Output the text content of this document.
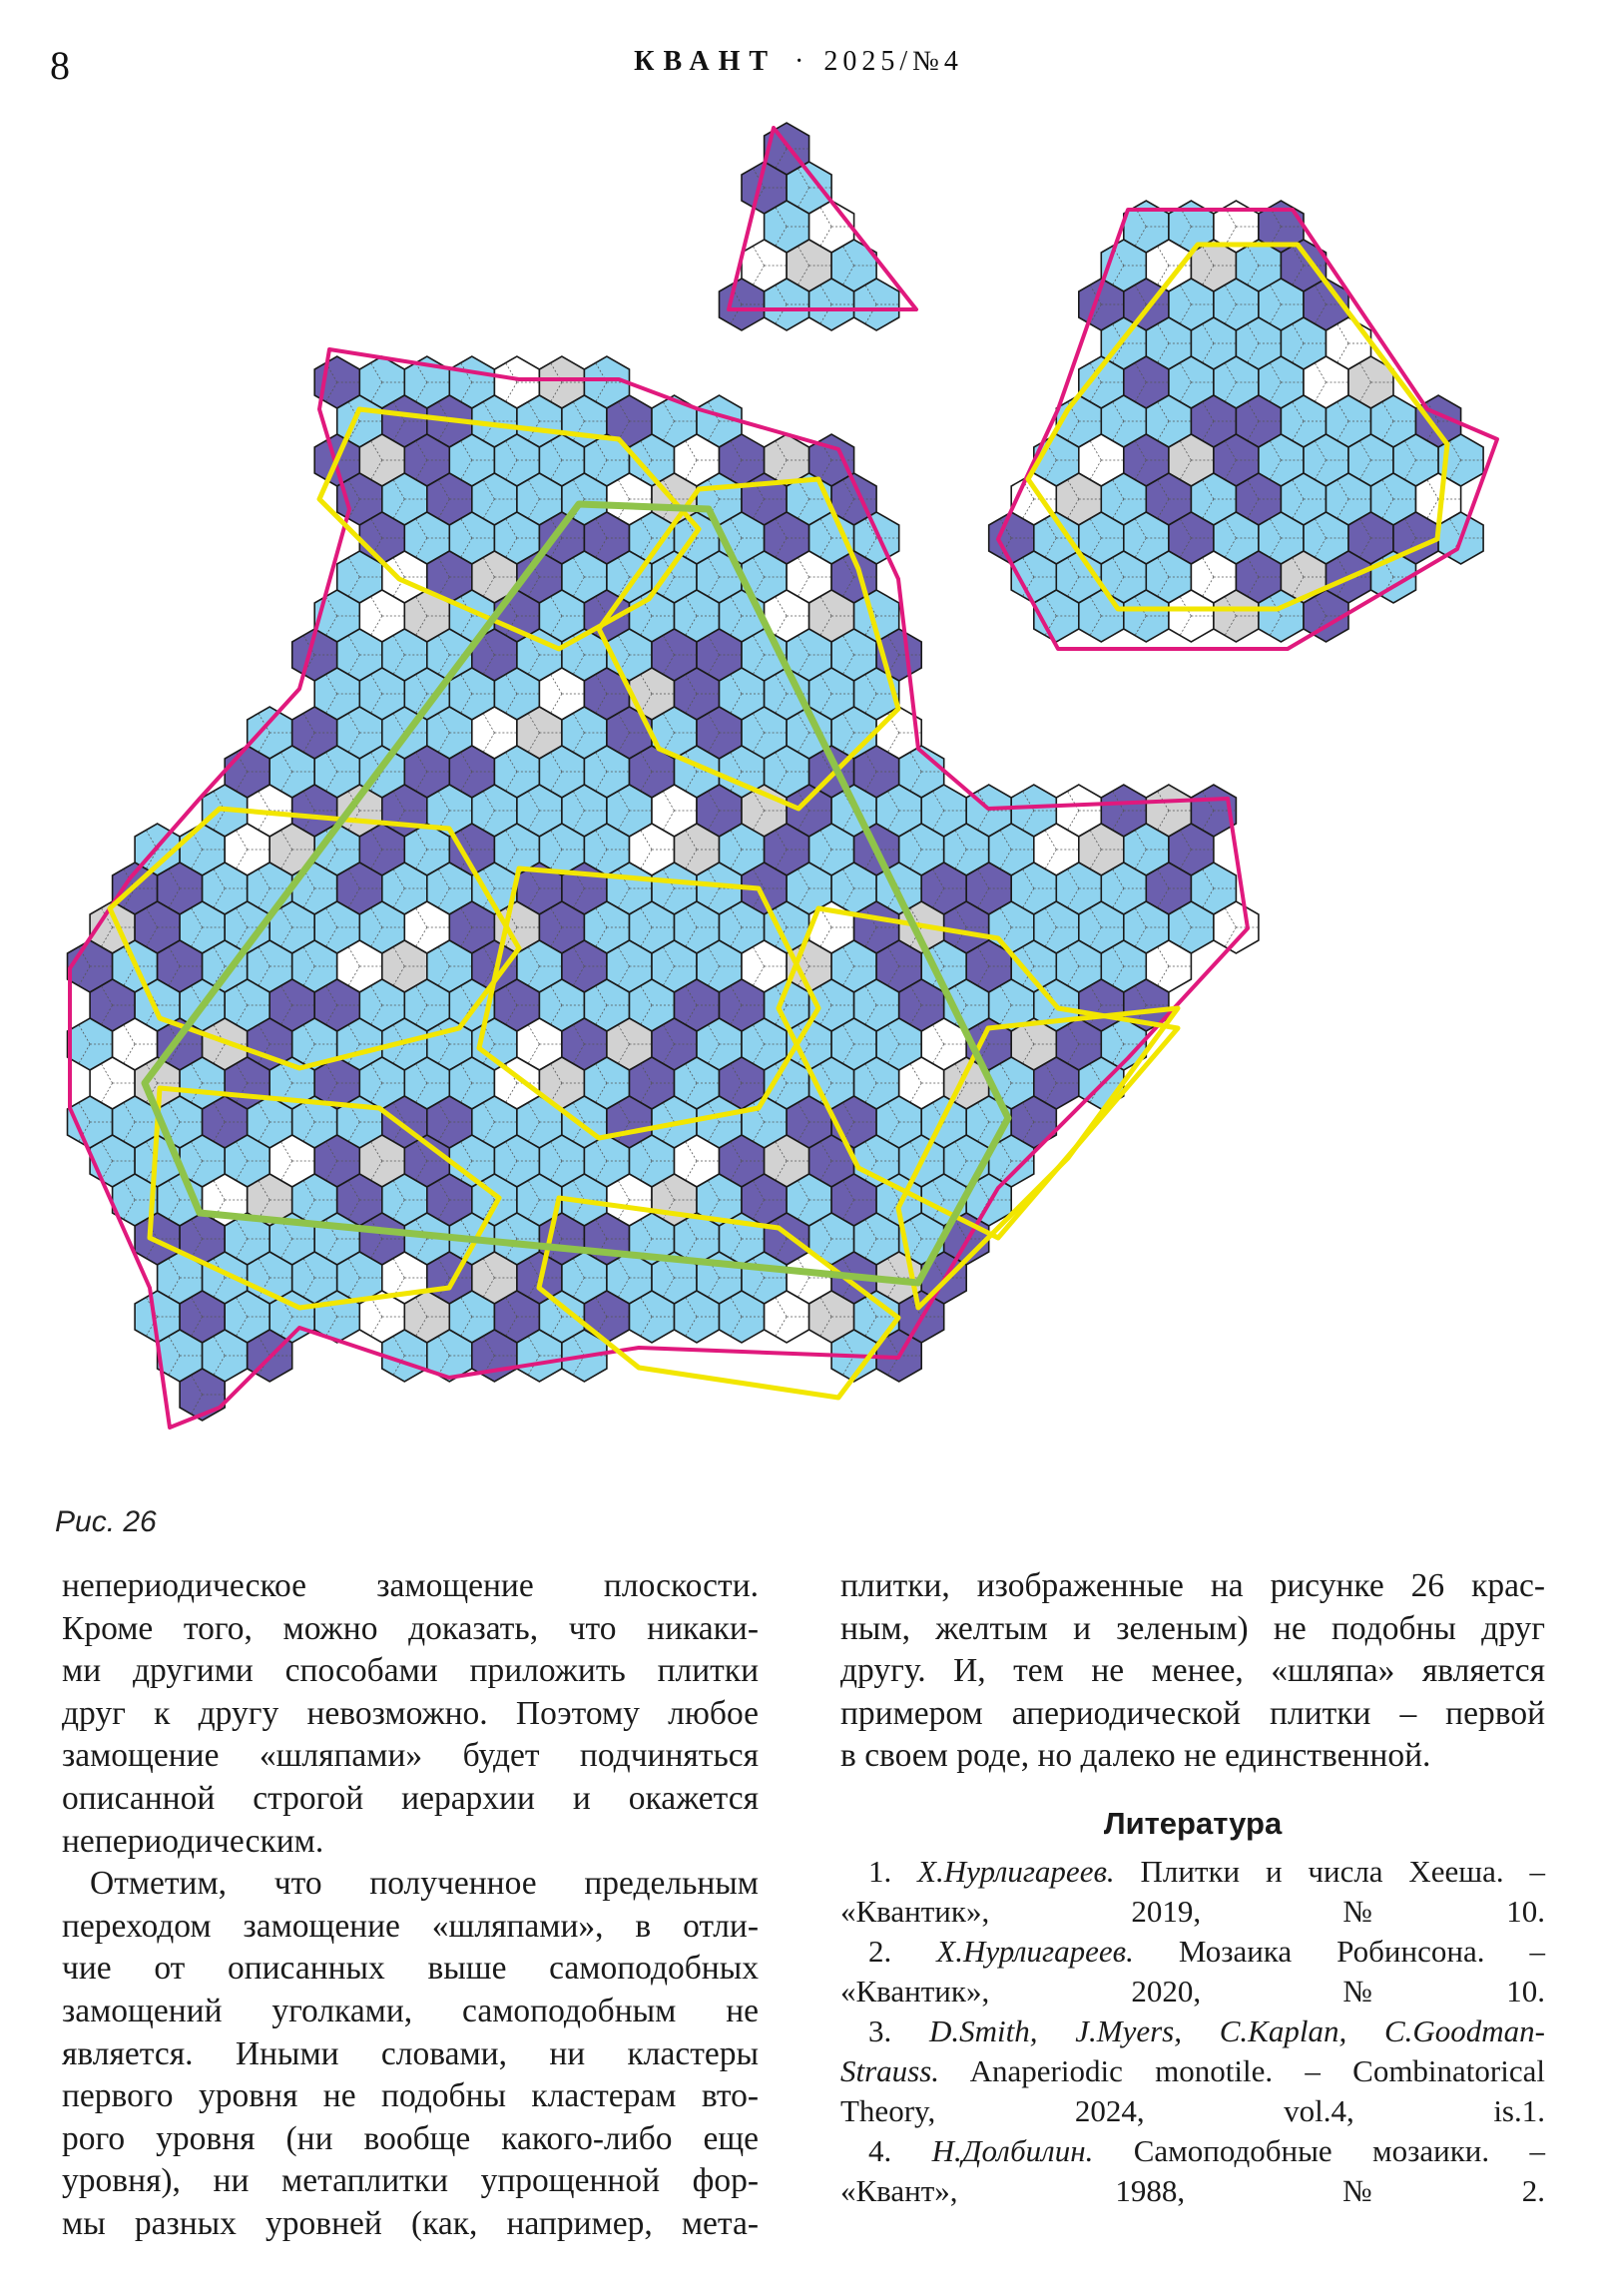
8	КВАНТ · 2025/№4
Рис. 26

непериодическое замощение плоскости.

Кроме того, можно доказать, что никаки-

ми другими способами приложить плитки

друг к другу невозможно. Поэтому любое

замощение «шляпами» будет подчиняться

описанной строгой иерархии и окажется

непериодическим.

Отметим, что полученное предельным

переходом замощение «шляпами», в отли-

чие от описанных выше самоподобных

замощений уголками, самоподобным не

является. Иными словами, ни кластеры

первого уровня не подобны кластерам вто-

рого уровня (ни вообще какого-либо еще

уровня), ни метаплитки упрощенной фор-

мы разных уровней (как, например, мета-

плитки, изображенные на рисунке 26 крас-

ным, желтым и зеленым) не подобны друг

другу. И, тем не менее, «шляпа» является

примером апериодической плитки – первой

в своем роде, но далеко не единственной.

Литература

1. Х.Нурлигареев. Плитки и числа Хееша. –
«Квантик», 2019, №10.

2. Х.Нурлигареев. Мозаика Робинсона. –
«Квантик», 2020, №10.

3. D.Smith, J.Myers, C.Kaplan, C.Goodman-
Strauss. Anaperiodic monotile. – Combinatorical
Theory, 2024, vol.4, is.1.

4. Н.Долбилин. Самоподобные мозаики. –
«Квант», 1988, №2.
